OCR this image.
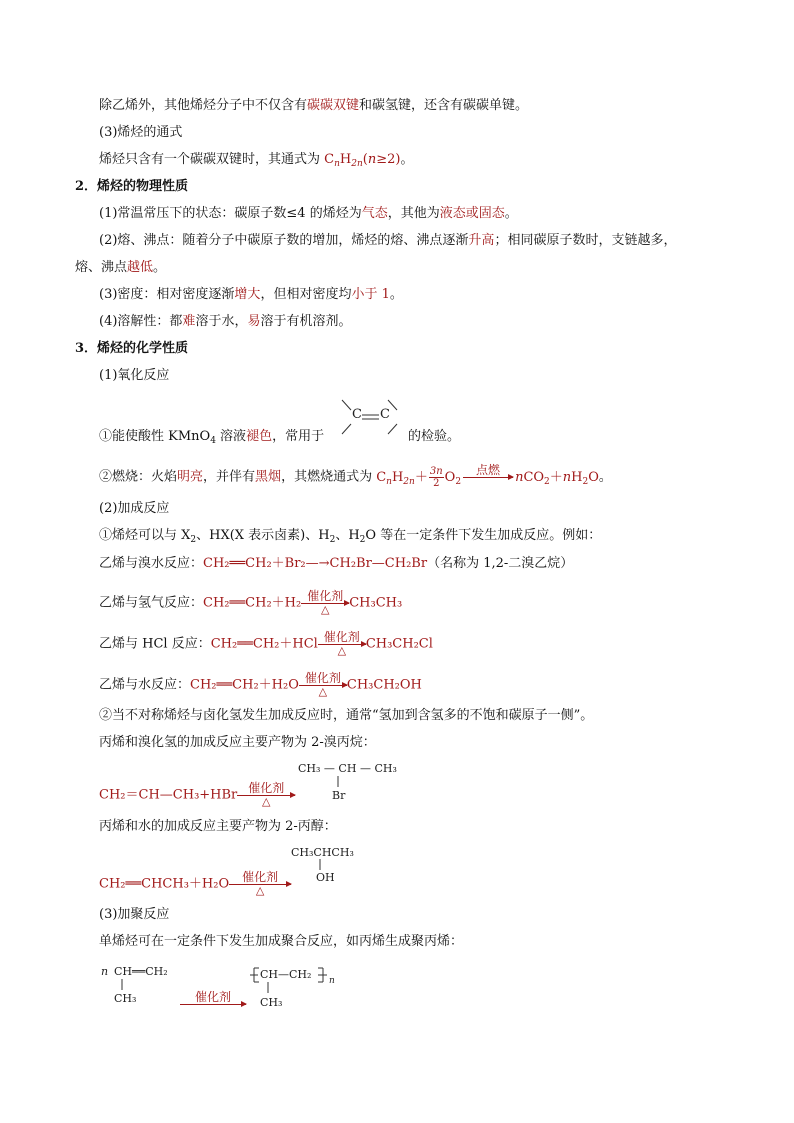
除乙烯外，其他烯烃分子中不仅含有碳碳双键和碳氢键，还含有碳碳单键。
(3)烯烃的通式
烯烃只含有一个碳碳双键时，其通式为 $C_nH_{2n}(n\ge 2)$。
2．烯烃的物理性质
(1)常温常压下的状态：碳原子数≤4 的烯烃为气态，其他为液态或固态。
(2)熔、沸点：随着分子中碳原子数的增加，烯烃的熔、沸点逐渐升高；相同碳原子数时，支链越多，
熔、沸点越低。
(3)密度：相对密度逐渐增大，但相对密度均小于 1。
(4)溶解性：都难溶于水，易溶于有机溶剂。
3．烯烃的化学性质
(1)氧化反应
C C
①能使酸性 KMnO$_4$ 溶液褪色，常用于	的检验。
②燃烧：火焰明亮，并伴有黑烟，其燃烧通式为 $C_nH_{2n}+ \frac{3n}{2} O_2$
点燃
	$nCO_2+nH_2O$。
(2)加成反应
①烯烃可以与 $X_2$、HX(X 表示卤素)、$H_2$、$H_2O$ 等在一定条件下发生加成反应。例如：
乙烯与溴水反应：CH₂══CH₂＋Br₂—→CH₂Br—CH₂Br（名称为 1,2-二溴乙烷）
乙烯与氢气反应：CH₂══CH₂＋H₂ 催化剂
△	CH₃CH₃
乙烯与 HCl 反应：CH₂══CH₂＋HCl 催化剂
△	CH₃CH₂Cl
乙烯与水反应：CH₂══CH₂＋H₂O 催化剂
△	CH₃CH₂OH
②当不对称烯烃与卤化氢发生加成反应时，通常“氢加到含氢多的不饱和碳原子一侧”。
丙烯和溴化氢的加成反应主要产物为 2-溴丙烷：
CH₂＝CH—CH₃+HBr 催化剂
△
CH₃ — CH — CH₃
Br
丙烯和水的加成反应主要产物为 2-丙醇：
CH₂══CHCH₃＋H₂O	催化剂
△
CH₃CHCH₃
OH
(3)加聚反应
单烯烃可在一定条件下发生加成聚合反应，如丙烯生成聚丙烯：
n CH══CH₂
CH₃	催化剂
CH—CH₂ n
CH₃
